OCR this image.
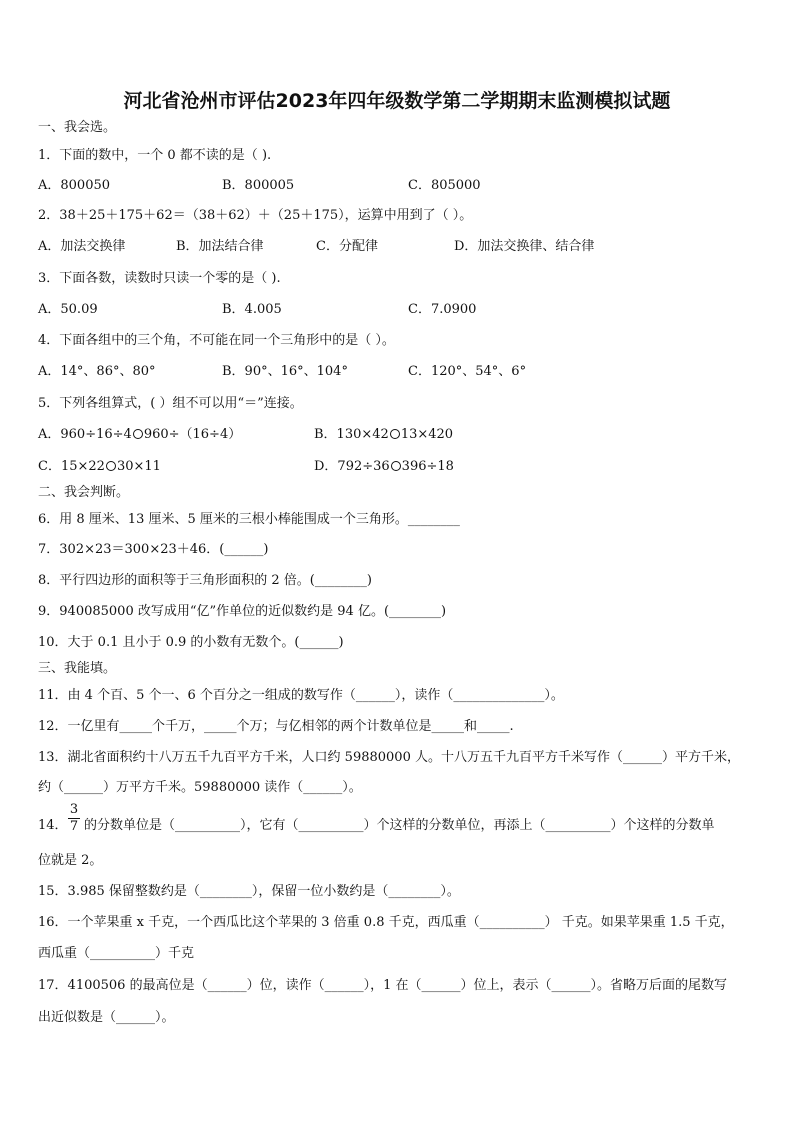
河北省沧州市评估2023年四年级数学第二学期期末监测模拟试题
一、我会选。
1．下面的数中，一个 0 都不读的是（ ).
A．800050	B．800005	C．805000
2．38＋25＋175＋62＝（38＋62）＋（25＋175），运算中用到了（ ）。
A．加法交换律	B．加法结合律	C．分配律	D．加法交换律、结合律
3．下面各数，读数时只读一个零的是（ ).
A．50.09	B．4.005	C．7.0900
4．下面各组中的三个角，不可能在同一个三角形中的是（ ）。
A．14°、86°、80°	B．90°、16°、104°	C．120°、54°、6°
5．下列各组算式，( ）组不可以用“＝”连接。
A．960÷16÷4 960÷（16÷4）	B．130×42 13×420
C．15×22 30×11	D．792÷36 396÷18
二、我会判断。
6．用 8 厘米、13 厘米、5 厘米的三根小棒能围成一个三角形。________
7．302×23＝300×23＋46．(______)
8．平行四边形的面积等于三角形面积的 2 倍。(________)
9．940085000 改写成用“亿”作单位的近似数约是 94 亿。(________)
10．大于 0.1 且小于 0.9 的小数有无数个。(______)
三、我能填。
11．由 4 个百、5 个一、6 个百分之一组成的数写作（______），读作（______________）。
12．一亿里有_____个千万，_____个万；与亿相邻的两个计数单位是_____和_____.
13．湖北省面积约十八万五千九百平方千米，人口约 59880000 人。十八万五千九百平方千米写作（______）平方千米，
约（______）万平方千米。59880000 读作（______）。
14．
3
7 的分数单位是（__________），它有（__________）个这样的分数单位，再添上（__________）个这样的分数单
位就是 2。
15．3.985 保留整数约是（________），保留一位小数约是（________）。
16．一个苹果重 x 千克，一个西瓜比这个苹果的 3 倍重 0.8 千克，西瓜重（__________） 千克。如果苹果重 1.5 千克，
西瓜重（__________）千克
17．4100506 的最高位是（______）位，读作（______），1 在（______）位上，表示（______）。省略万后面的尾数写
出近似数是（______）。
